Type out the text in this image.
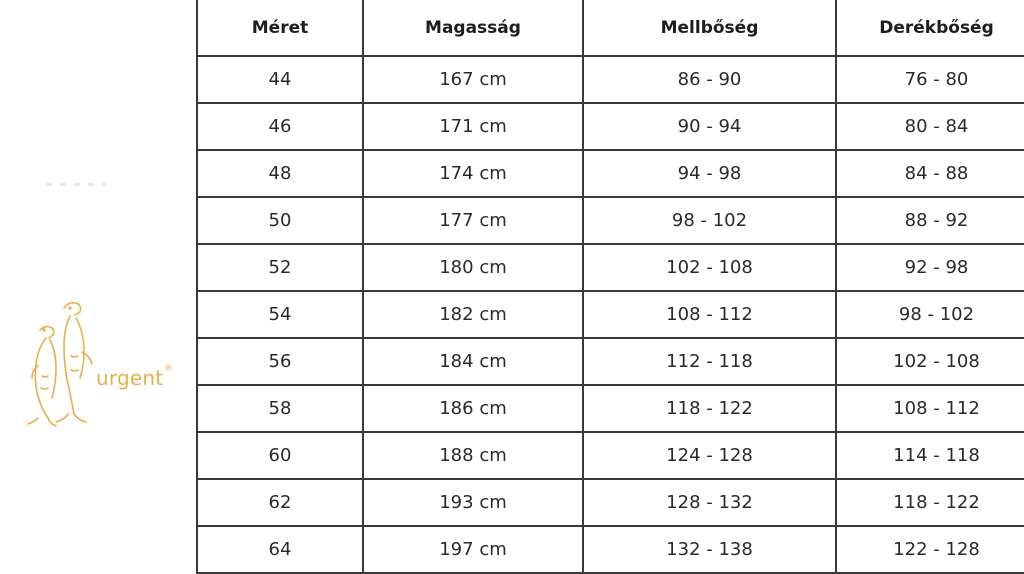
urgent®
Méret	Magasság	Mellbőség	Derékbőség
44	167 cm	86 - 90	76 - 80
46	171 cm	90 - 94	80 - 84
48	174 cm	94 - 98	84 - 88
50	177 cm	98 - 102	88 - 92
52	180 cm	102 - 108	92 - 98
54	182 cm	108 - 112	98 - 102
56	184 cm	112 - 118	102 - 108
58	186 cm	118 - 122	108 - 112
60	188 cm	124 - 128	114 - 118
62	193 cm	128 - 132	118 - 122
64	197 cm	132 - 138	122 - 128
